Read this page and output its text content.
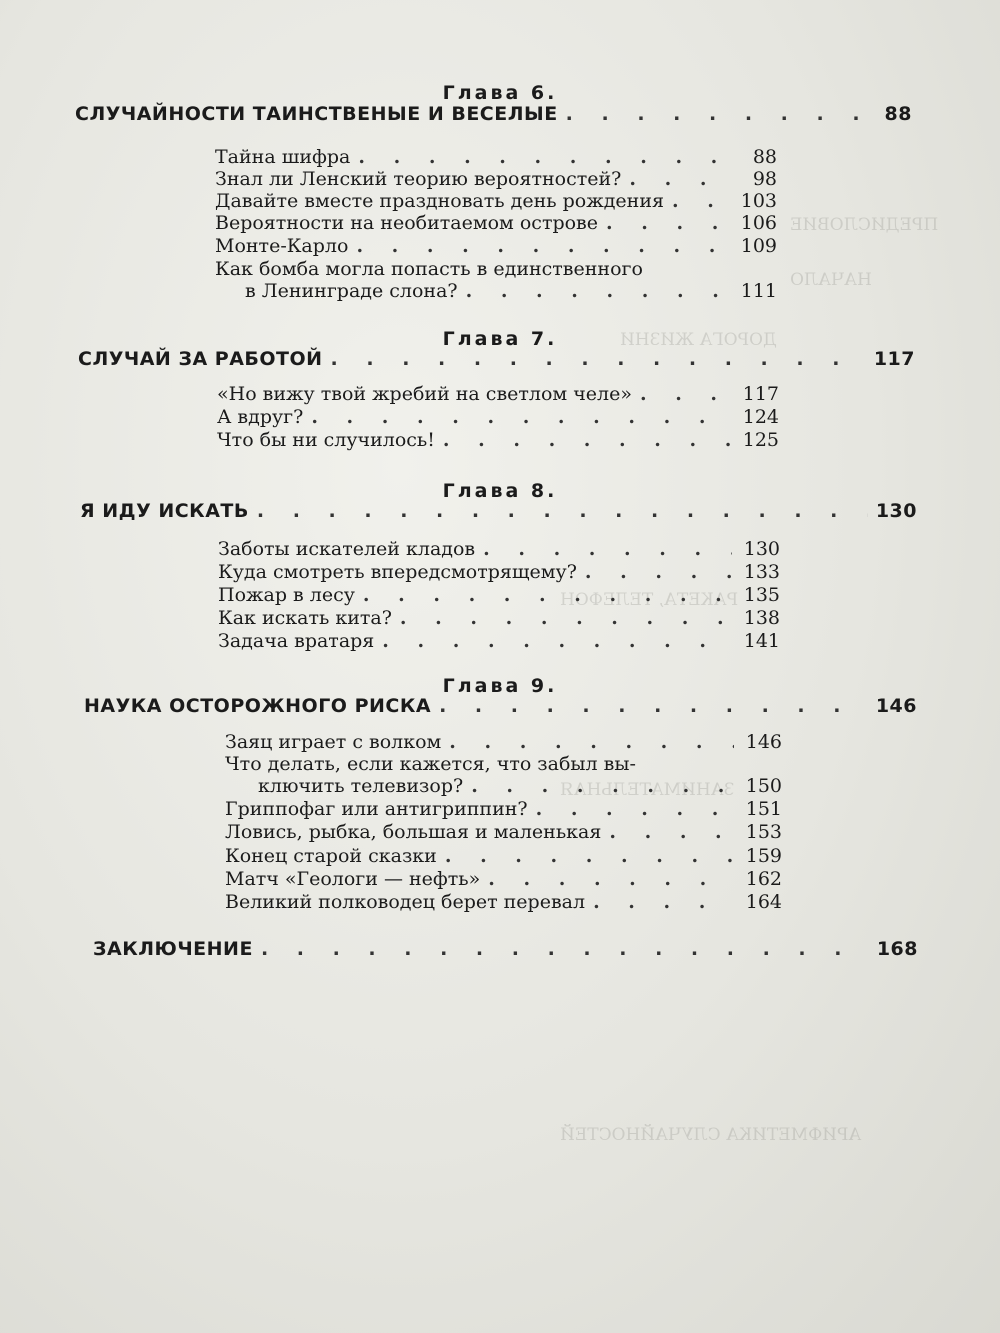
ПРЕДИСЛОВИЕ
НАЧАЛО
ДОРОГА ЖИЗНИ
РАКЕТА, ТЕЛЕФОН
ЗАНИМАТЕЛЬНАЯ
АРИФМЕТИКА СЛУЧАЙНОСТЕЙ
Глава 6.
СЛУЧАЙНОСТИ ТАИНСТВЕНЫЕ И ВЕСЕЛЫЕ . . .	88
Тайна шифра . . .	88
Знал ли Ленский теорию вероятностей? . . .	98
Давайте вместе праздновать день рождения . . .	103
Вероятности на необитаемом острове . . .	106
Монте-Карло . . .	109
Как бомба могла попасть в единственного
в Ленинграде слона? . . .	111
Глава 7.
СЛУЧАЙ ЗА РАБОТОЙ . . .	117
«Но вижу твой жребий на светлом челе» . . .	117
А вдруг? . . .	124
Что бы ни случилось! . . .	125
Глава 8.
Я ИДУ ИСКАТЬ . . .	130
Заботы искателей кладов . . .	130
Куда смотреть впередсмотрящему? . . .	133
Пожар в лесу . . .	135
Как искать кита? . . .	138
Задача вратаря . . .	141
Глава 9.
НАУКА ОСТОРОЖНОГО РИСКА . . .	146
Заяц играет с волком . . .	146
Что делать, если кажется, что забыл вы-
ключить телевизор? . . .	150
Гриппофаг или антигриппин? . . .	151
Ловись, рыбка, большая и маленькая . . .	153
Конец старой сказки . . .	159
Матч «Геологи — нефть» . . .	162
Великий полководец берет перевал . . .	164
ЗАКЛЮЧЕНИЕ . . .	168
